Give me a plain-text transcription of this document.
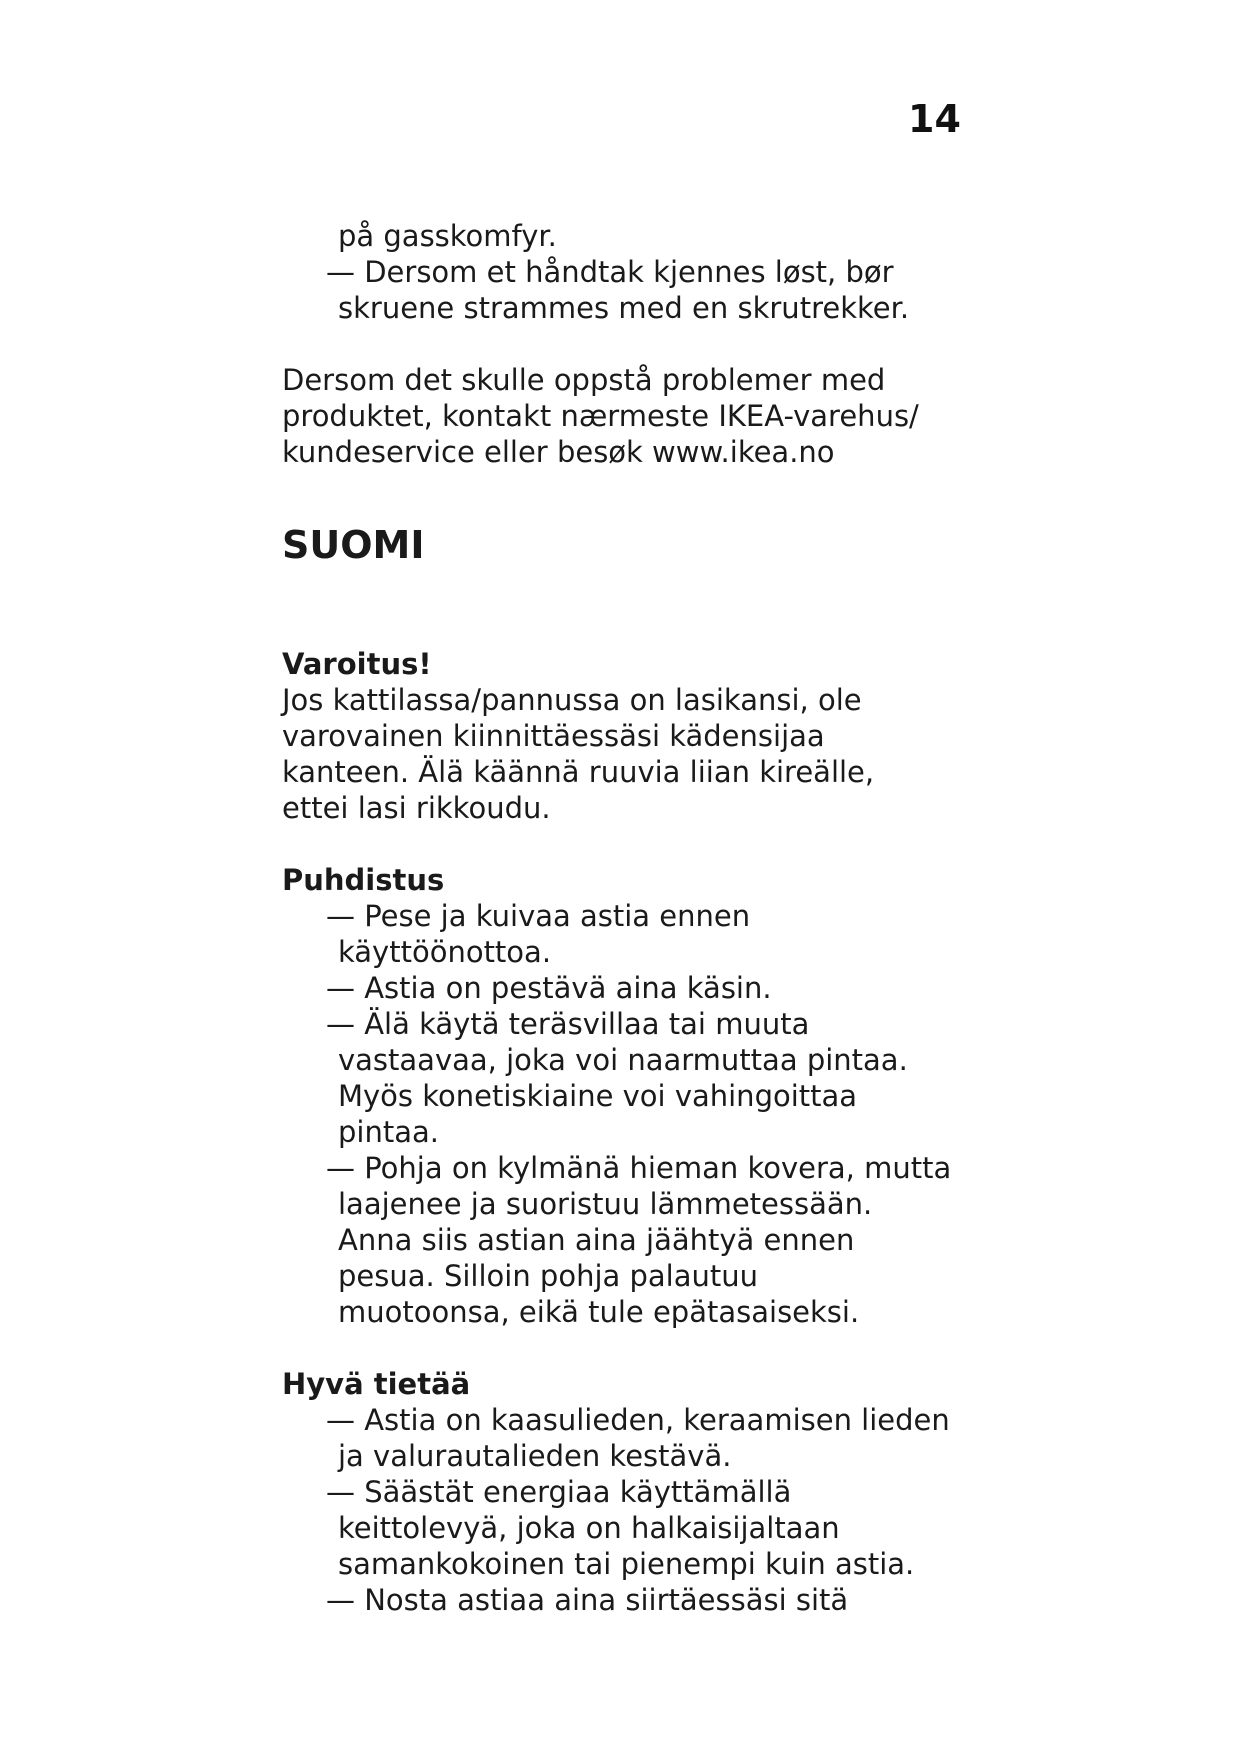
14
på gasskomfyr.
— Dersom et håndtak kjennes løst, bør
skruene strammes med en skrutrekker.
Dersom det skulle oppstå problemer med
produktet, kontakt nærmeste IKEA-varehus/
kundeservice eller besøk www.ikea.no
SUOMI
Varoitus!
Jos kattilassa/pannussa on lasikansi, ole
varovainen kiinnittäessäsi kädensijaa
kanteen. Älä käännä ruuvia liian kireälle,
ettei lasi rikkoudu.
Puhdistus
— Pese ja kuivaa astia ennen
käyttöönottoa.
— Astia on pestävä aina käsin.
— Älä käytä teräsvillaa tai muuta
vastaavaa, joka voi naarmuttaa pintaa.
Myös konetiskiaine voi vahingoittaa
pintaa.
— Pohja on kylmänä hieman kovera, mutta
laajenee ja suoristuu lämmetessään.
Anna siis astian aina jäähtyä ennen
pesua. Silloin pohja palautuu
muotoonsa, eikä tule epätasaiseksi.
Hyvä tietää
— Astia on kaasulieden, keraamisen lieden
ja valurautalieden kestävä.
— Säästät energiaa käyttämällä
keittolevyä, joka on halkaisijaltaan
samankokoinen tai pienempi kuin astia.
— Nosta astiaa aina siirtäessäsi sitä
